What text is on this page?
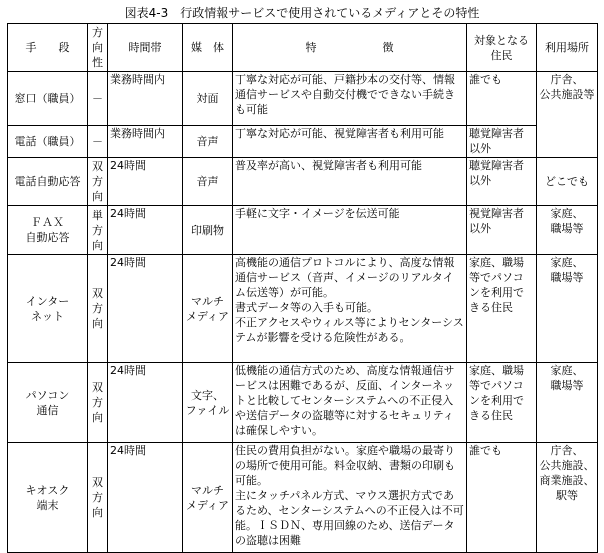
図表4-3　行政情報サービスで使用されているメディアとその特性
手　　段	方
向
性	時間帯	媒　体	特　　　　　　徴	対象となる
住民	利用場所
窓口（職員）	－	業務時間内	対面	丁寧な対応が可能、戸籍抄本の交付等、情報通信サービスや自動交付機でできない手続きも可能	誰でも	庁舎、
公共施設等
電話（職員）	－	業務時間内	音声	丁寧な対応が可能、視覚障害者も利用可能	聴覚障害者
以外	
電話自動応答	双
方
向	24時間	音声	普及率が高い、視覚障害者も利用可能	聴覚障害者
以外	どこでも
ＦＡＸ
自動応答	単
方
向	24時間	印刷物	手軽に文字・イメージを伝送可能	視覚障害者
以外	家庭、
職場等
インター
ネット	双
方
向	24時間	マルチ
メディア	高機能の通信プロトコルにより、高度な情報通信サービス（音声、イメージのリアルタイム伝送等）が可能。
書式データ等の入手も可能。
不正アクセスやウィルス等によりセンターシステムが影響を受ける危険性がある。	家庭、職場等でパソコンを利用できる住民	家庭、
職場等
パソコン
通信	双
方
向	24時間	文字、
ファイル	低機能の通信方式のため、高度な情報通信サービスは困難であるが、反面、インターネットと比較してセンターシステムへの不正侵入や送信データの盗聴等に対するセキュリティは確保しやすい。	家庭、職場等でパソコンを利用できる住民	家庭、
職場等
キオスク
端末	双
方
向	24時間	マルチ
メディア	住民の費用負担がない。家庭や職場の最寄りの場所で使用可能。料金収納、書類の印刷も可能。
主にタッチパネル方式、マウス選択方式であるため、センターシステムへの不正侵入は不可能。ＩＳＤＮ、専用回線のため、送信データの盗聴は困難	誰でも	庁舎、
公共施設、
商業施設、
駅等
